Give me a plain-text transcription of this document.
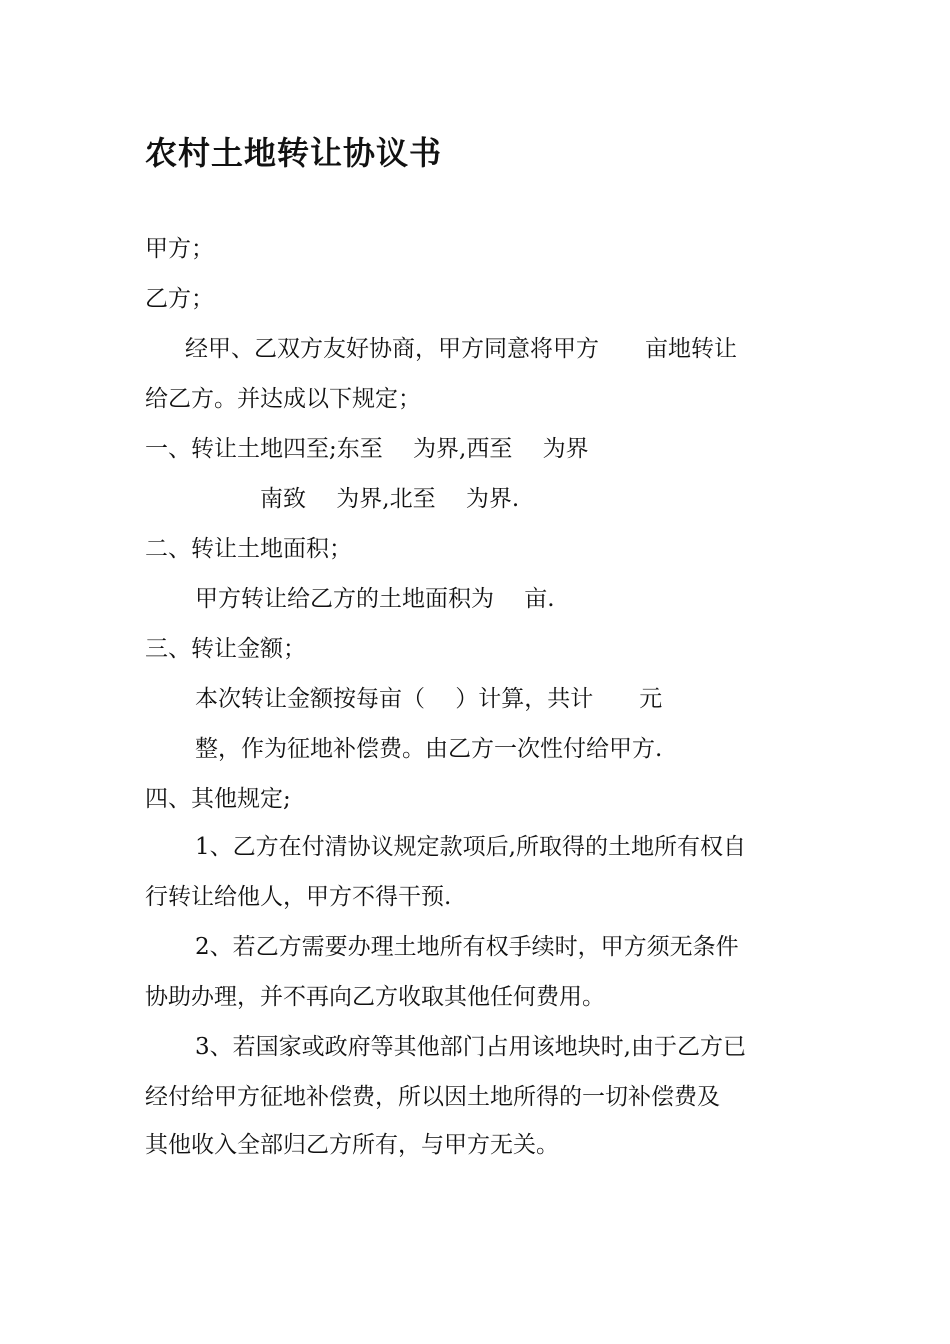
农村土地转让协议书

甲方；

乙方；

经甲、乙双方友好协商，甲方同意将甲方　　亩地转让

给乙方。并达成以下规定；

一、转让土地四至;东至　 为界,西至　 为界

南致　 为界,北至　 为界.

二、转让土地面积；

甲方转让给乙方的土地面积为　 亩.

三、转让金额；

本次转让金额按每亩（　 ）计算，共计　　元

整，作为征地补偿费。由乙方一次性付给甲方.

四、其他规定;

1、乙方在付清协议规定款项后,所取得的土地所有权自

行转让给他人，甲方不得干预.

2、若乙方需要办理土地所有权手续时，甲方须无条件

协助办理，并不再向乙方收取其他任何费用。

3、若国家或政府等其他部门占用该地块时,由于乙方已

经付给甲方征地补偿费，所以因土地所得的一切补偿费及

其他收入全部归乙方所有，与甲方无关。
